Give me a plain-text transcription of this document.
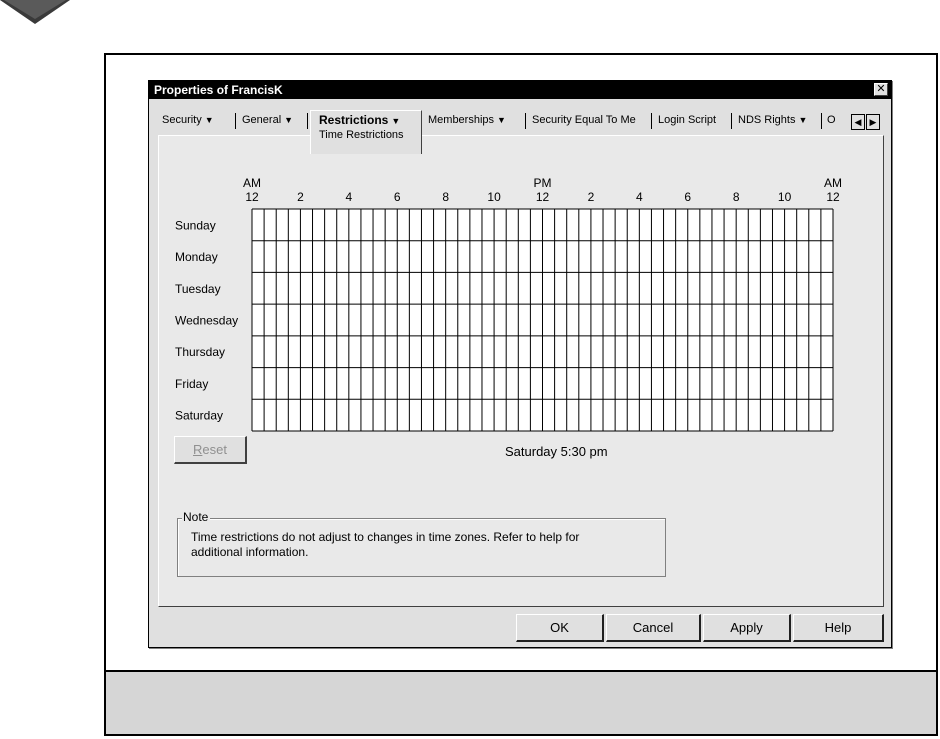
Properties of FrancisK	✕
Security ▼	General ▼ Restrictions ▼
Time Restrictions
Memberships ▼ Security Equal To Me Login Script NDS Rights ▼ O	◀ ▶
AM	PM	AM
12	2	4	6	8	10	12	2	4	6	8	10	12
Sunday
Monday
Tuesday
Wednesday
Thursday
Friday
Saturday
Reset	Saturday 5:30 pm
Note
Time restrictions do not adjust to changes in time zones. Refer to help for
additional information.
OK	Cancel	Apply	Help
